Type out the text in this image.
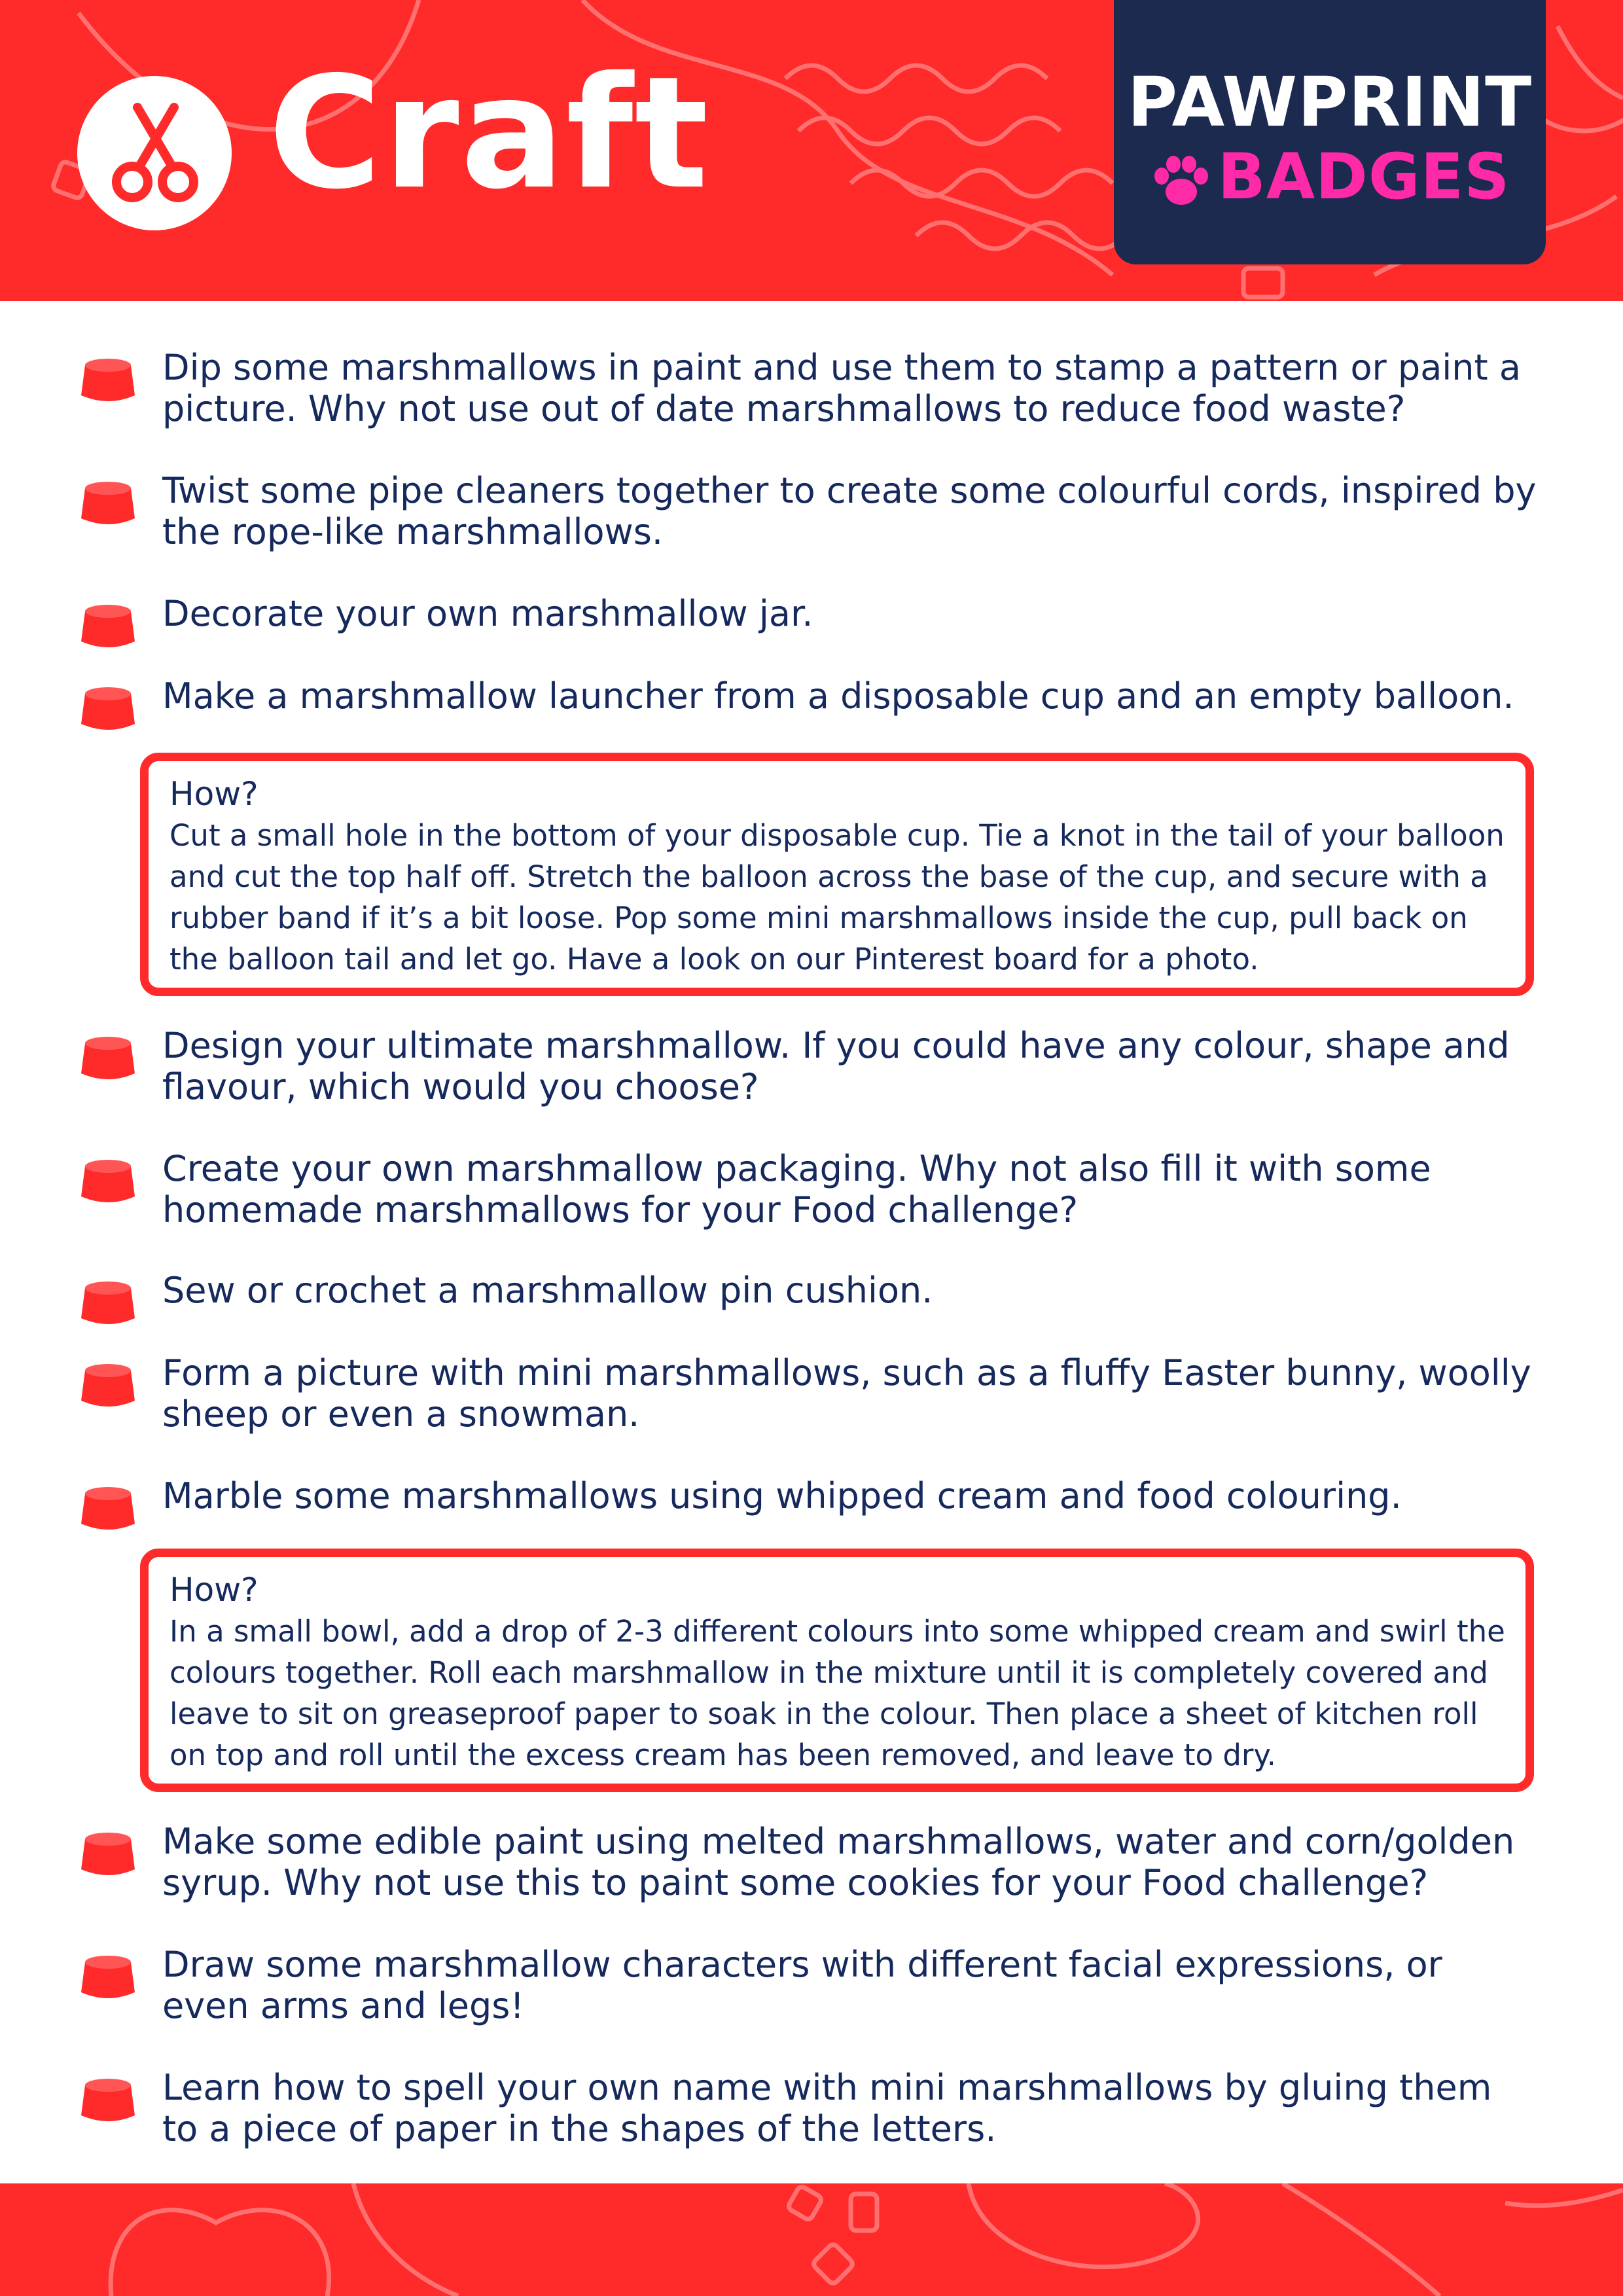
Craft	PAWPRINT
BADGES
Dip some marshmallows in paint and use them to stamp a pattern or paint a picture. Why not use out of date marshmallows to reduce food waste?
Twist some pipe cleaners together to create some colourful cords, inspired by the rope-like marshmallows.
Decorate your own marshmallow jar.
Make a marshmallow launcher from a disposable cup and an empty balloon.
How?
Cut a small hole in the bottom of your disposable cup. Tie a knot in the tail of your balloon and cut the top half off. Stretch the balloon across the base of the cup, and secure with a rubber band if it’s a bit loose. Pop some mini marshmallows inside the cup, pull back on the balloon tail and let go. Have a look on our Pinterest board for a photo.
Design your ultimate marshmallow. If you could have any colour, shape and flavour, which would you choose?
Create your own marshmallow packaging. Why not also fill it with some homemade marshmallows for your Food challenge?
Sew or crochet a marshmallow pin cushion.
Form a picture with mini marshmallows, such as a fluffy Easter bunny, woolly sheep or even a snowman.
Marble some marshmallows using whipped cream and food colouring.
How?
In a small bowl, add a drop of 2-3 different colours into some whipped cream and swirl the colours together. Roll each marshmallow in the mixture until it is completely covered and leave to sit on greaseproof paper to soak in the colour. Then place a sheet of kitchen roll on top and roll until the excess cream has been removed, and leave to dry.
Make some edible paint using melted marshmallows, water and corn/golden syrup. Why not use this to paint some cookies for your Food challenge?
Draw some marshmallow characters with different facial expressions, or even arms and legs!
Learn how to spell your own name with mini marshmallows by gluing them to a piece of paper in the shapes of the letters.
